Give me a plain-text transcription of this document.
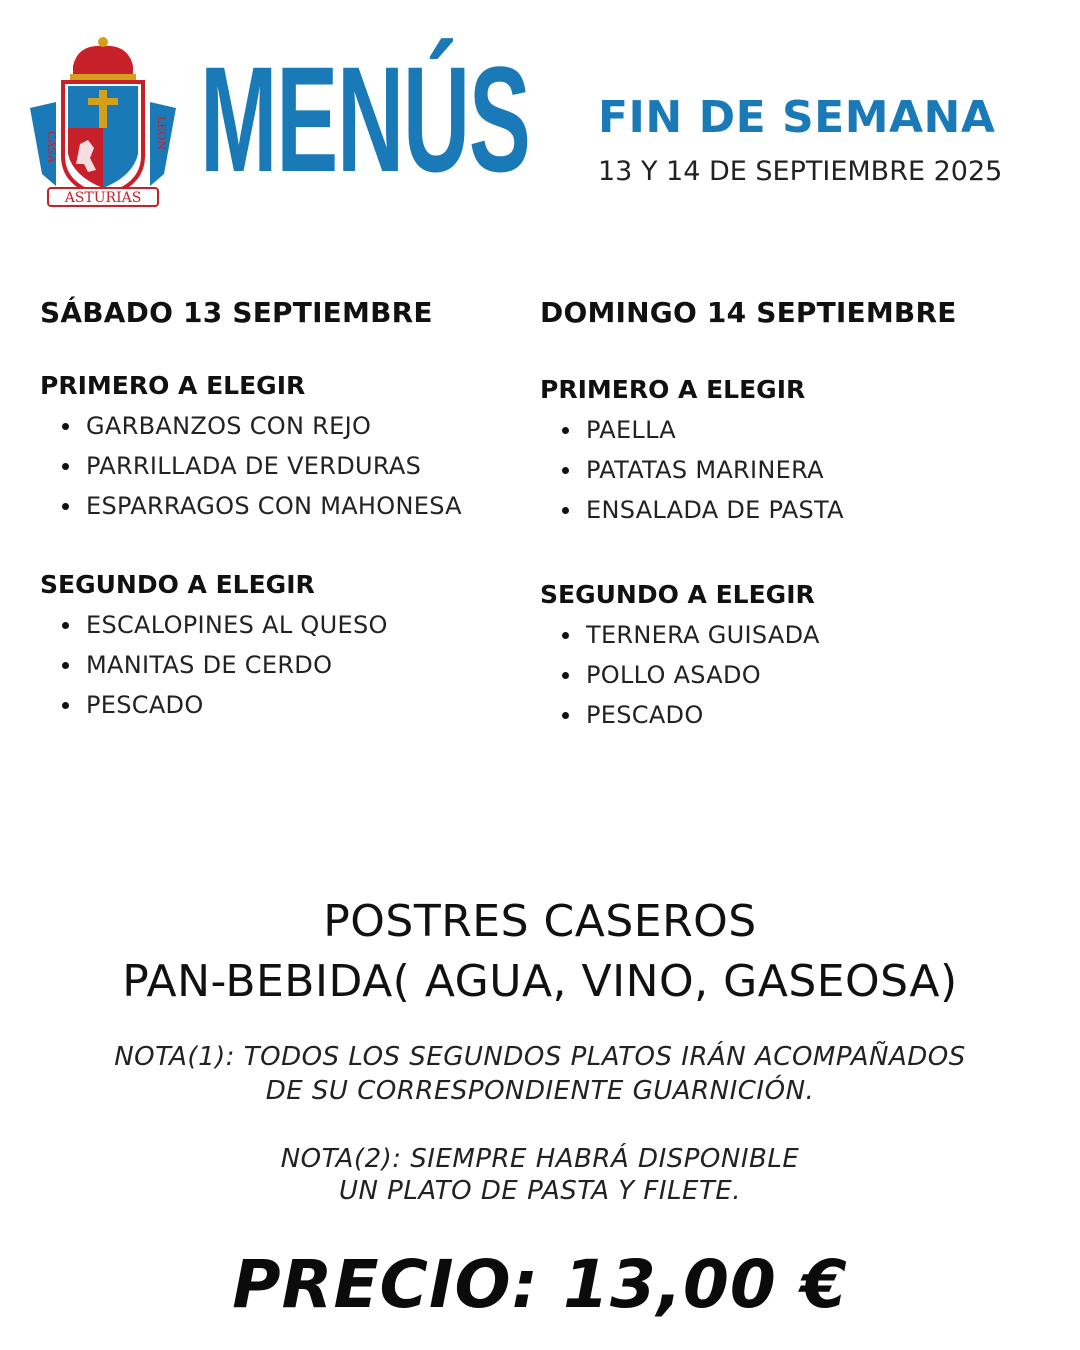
CASA	LEON
ASTURIAS MENÚS FIN DE SEMANA
13 Y 14 DE SEPTIEMBRE 2025
SÁBADO 13 SEPTIEMBRE
PRIMERO A ELEGIR
GARBANZOS CON REJO
PARRILLADA DE VERDURAS
ESPARRAGOS CON MAHONESA
SEGUNDO A ELEGIR
ESCALOPINES AL QUESO
MANITAS DE CERDO
PESCADO
DOMINGO 14 SEPTIEMBRE
PRIMERO A ELEGIR
PAELLA
PATATAS MARINERA
ENSALADA DE PASTA
SEGUNDO A ELEGIR
TERNERA GUISADA
POLLO ASADO
PESCADO
POSTRES CASEROS
PAN-BEBIDA( AGUA, VINO, GASEOSA)
NOTA(1): TODOS LOS SEGUNDOS PLATOS IRÁN ACOMPAÑADOS
DE SU CORRESPONDIENTE GUARNICIÓN.
NOTA(2): SIEMPRE HABRÁ DISPONIBLE
UN PLATO DE PASTA Y FILETE.
PRECIO: 13,00 €
